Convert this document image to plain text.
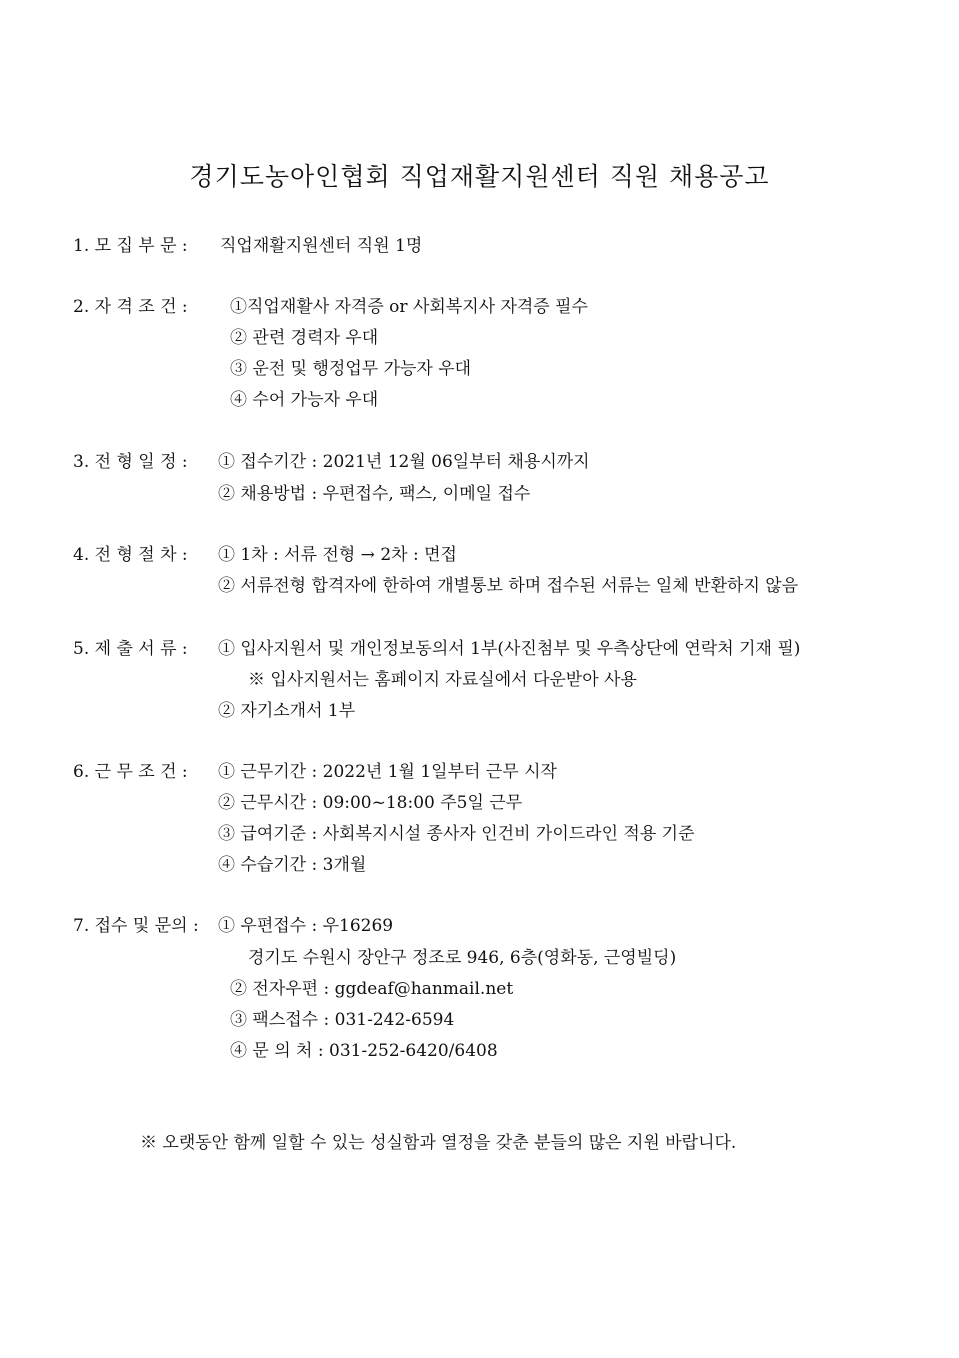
경기도농아인협회 직업재활지원센터 직원 채용공고
1. 모 집 부 문 : 직업재활지원센터 직원 1명
2. 자 격 조 건 : ①직업재활사 자격증 or 사회복지사 자격증 필수
② 관련 경력자 우대
③ 운전 및 행정업무 가능자 우대
④ 수어 가능자 우대
3. 전 형 일 정 : ① 접수기간 : 2021년 12월 06일부터 채용시까지
② 채용방법 : 우편접수, 팩스, 이메일 접수
4. 전 형 절 차 : ① 1차 : 서류 전형 → 2차 : 면접
② 서류전형 합격자에 한하여 개별통보 하며 접수된 서류는 일체 반환하지 않음
5. 제 출 서 류 : ① 입사지원서 및 개인정보동의서 1부(사진첨부 및 우측상단에 연락처 기재 필)
※ 입사지원서는 홈페이지 자료실에서 다운받아 사용
② 자기소개서 1부
6. 근 무 조 건 : ① 근무기간 : 2022년 1월 1일부터 근무 시작
② 근무시간 : 09:00~18:00 주5일 근무
③ 급여기준 : 사회복지시설 종사자 인건비 가이드라인 적용 기준
④ 수습기간 : 3개월
7. 접수 및 문의 : ① 우편접수 : 우16269
경기도 수원시 장안구 정조로 946, 6층(영화동, 근영빌딩)
② 전자우편 : ggdeaf@hanmail.net
③ 팩스접수 : 031-242-6594
④ 문 의 처 : 031-252-6420/6408
※ 오랫동안 함께 일할 수 있는 성실함과 열정을 갖춘 분들의 많은 지원 바랍니다.
